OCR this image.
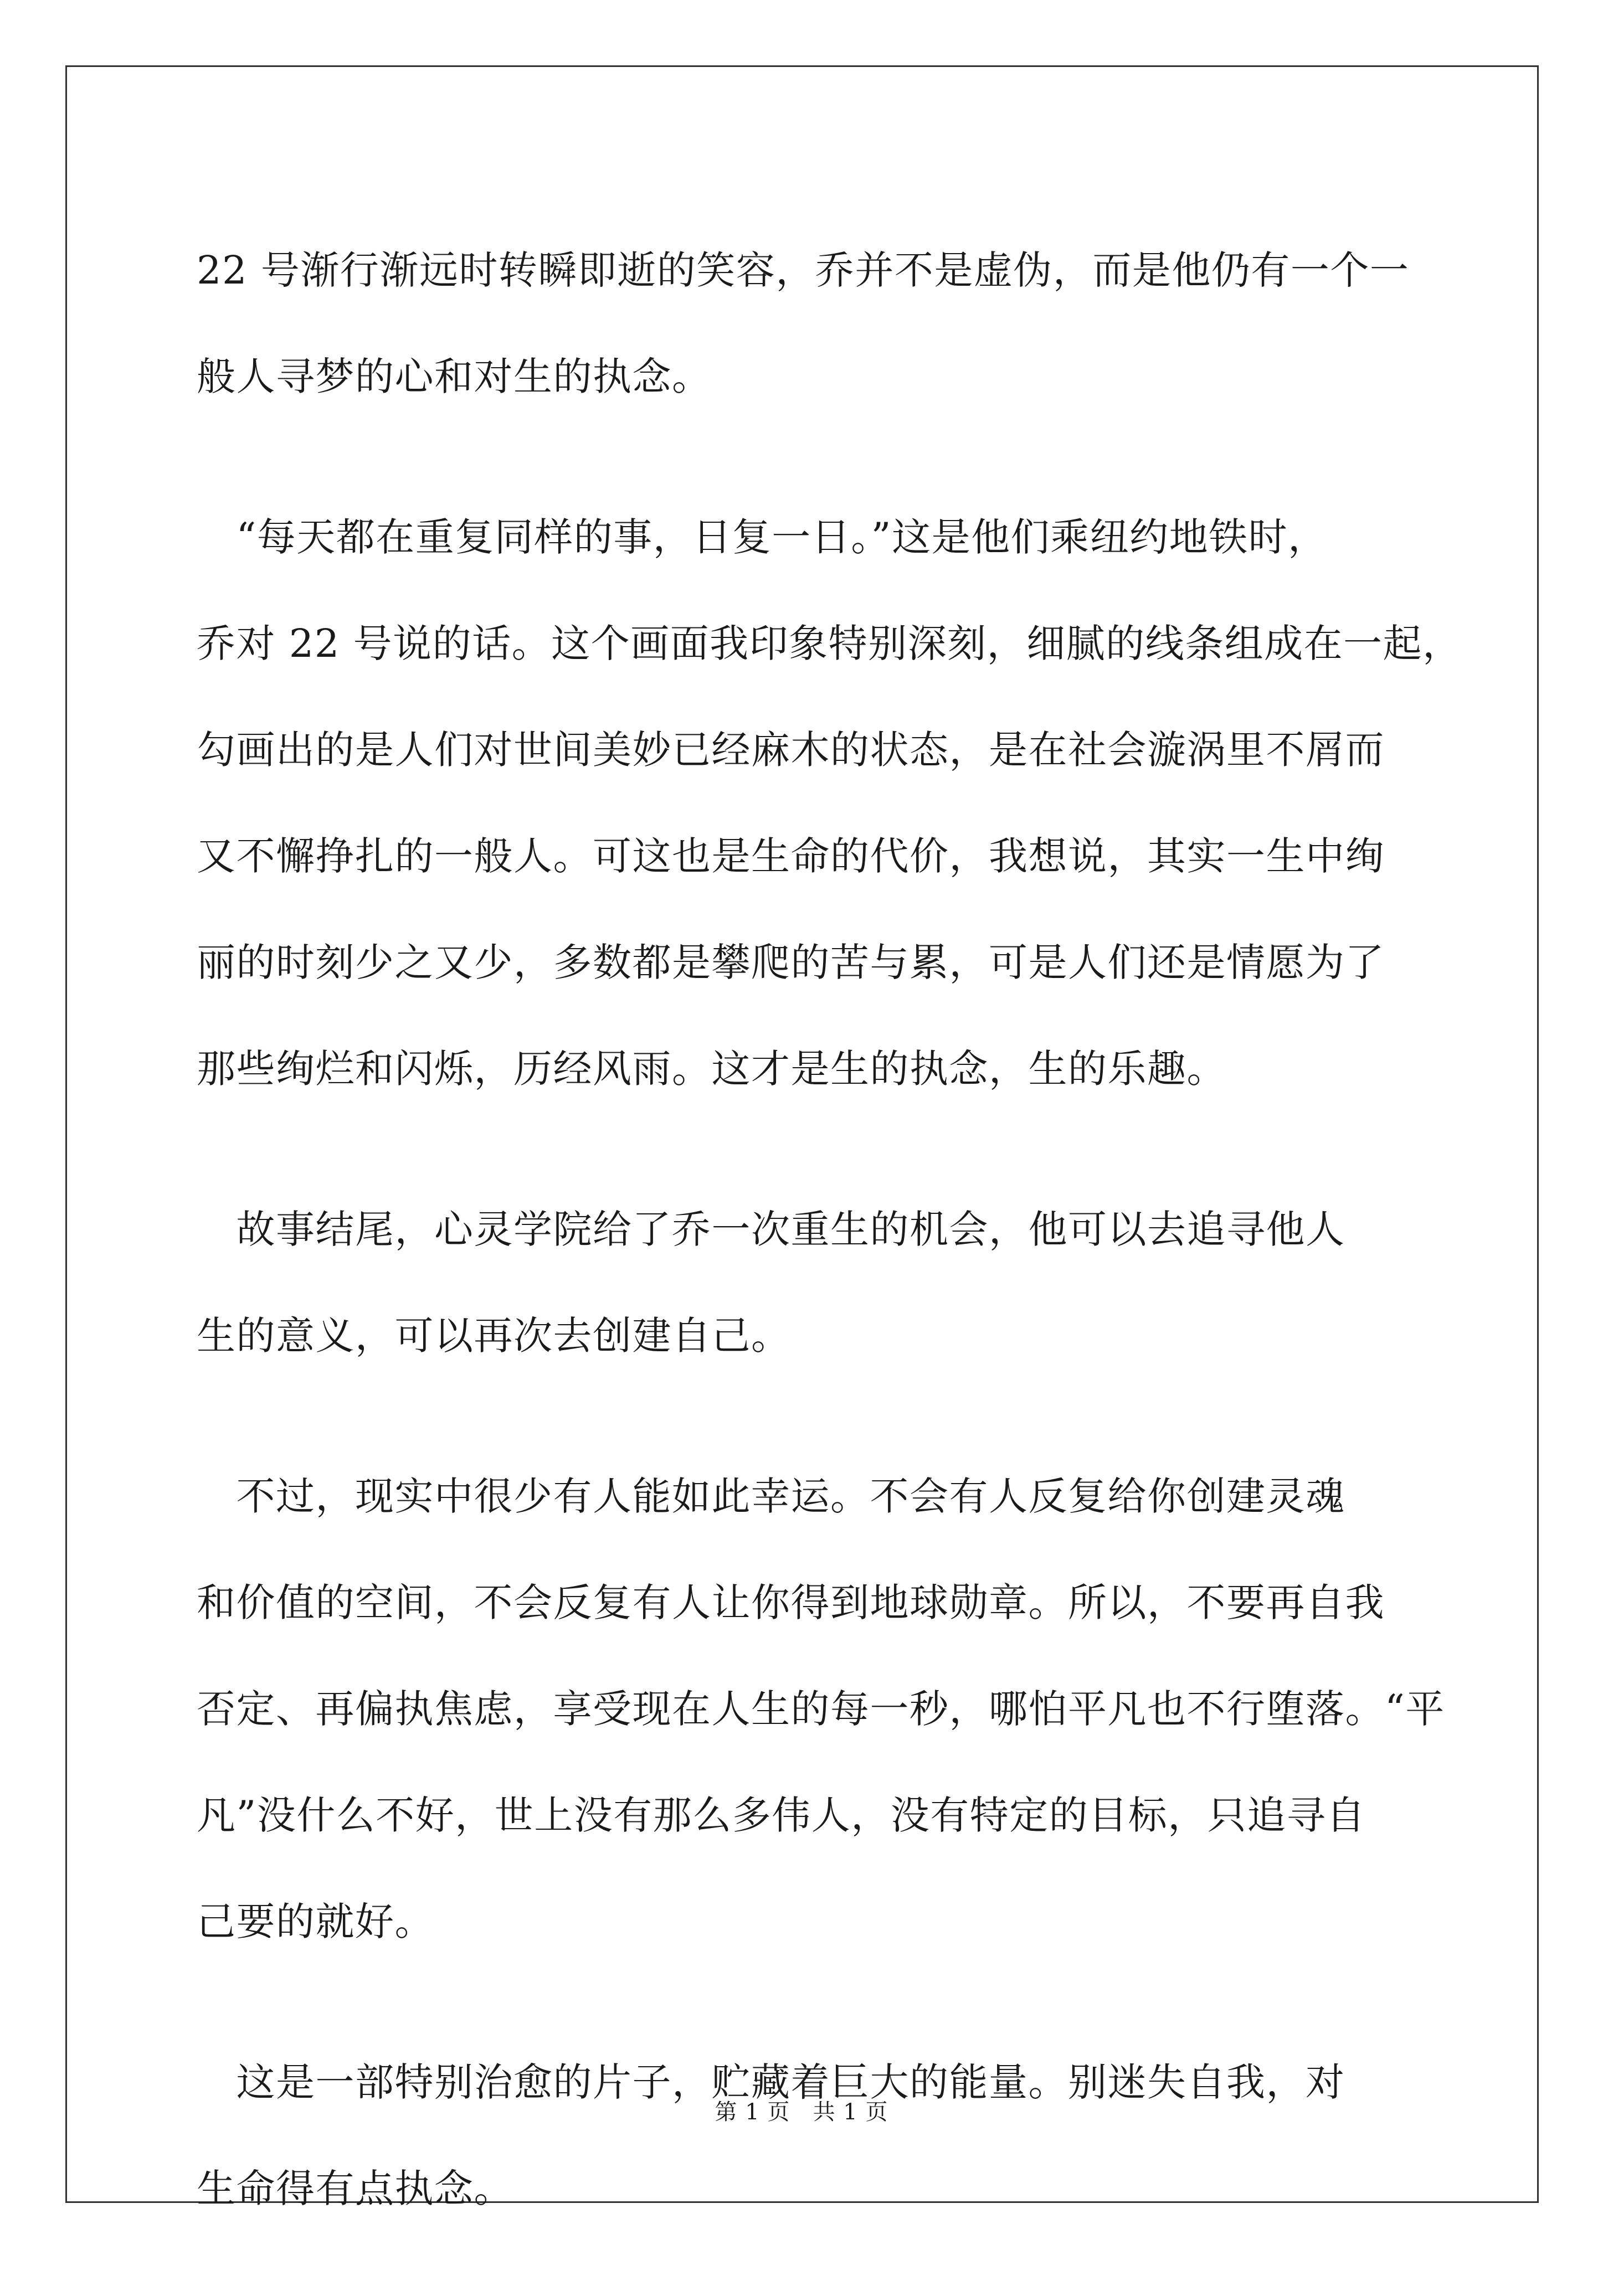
22 号渐行渐远时转瞬即逝的笑容，乔并不是虚伪，而是他仍有一个一
般人寻梦的心和对生的执念。

　“每天都在重复同样的事，日复一日。”这是他们乘纽约地铁时，
乔对 22 号说的话。这个画面我印象特别深刻，细腻的线条组成在一起，
勾画出的是人们对世间美妙已经麻木的状态，是在社会漩涡里不屑而
又不懈挣扎的一般人。可这也是生命的代价，我想说，其实一生中绚
丽的时刻少之又少，多数都是攀爬的苦与累，可是人们还是情愿为了
那些绚烂和闪烁，历经风雨。这才是生的执念，生的乐趣。

　故事结尾，心灵学院给了乔一次重生的机会，他可以去追寻他人
生的意义，可以再次去创建自己。

　不过，现实中很少有人能如此幸运。不会有人反复给你创建灵魂
和价值的空间，不会反复有人让你得到地球勋章。所以，不要再自我
否定、再偏执焦虑，享受现在人生的每一秒，哪怕平凡也不行堕落。“平
凡”没什么不好，世上没有那么多伟人，没有特定的目标，只追寻自
己要的就好。

　这是一部特别治愈的片子，贮藏着巨大的能量。别迷失自我，对
生命得有点执念。

第 1 页 共 1 页
